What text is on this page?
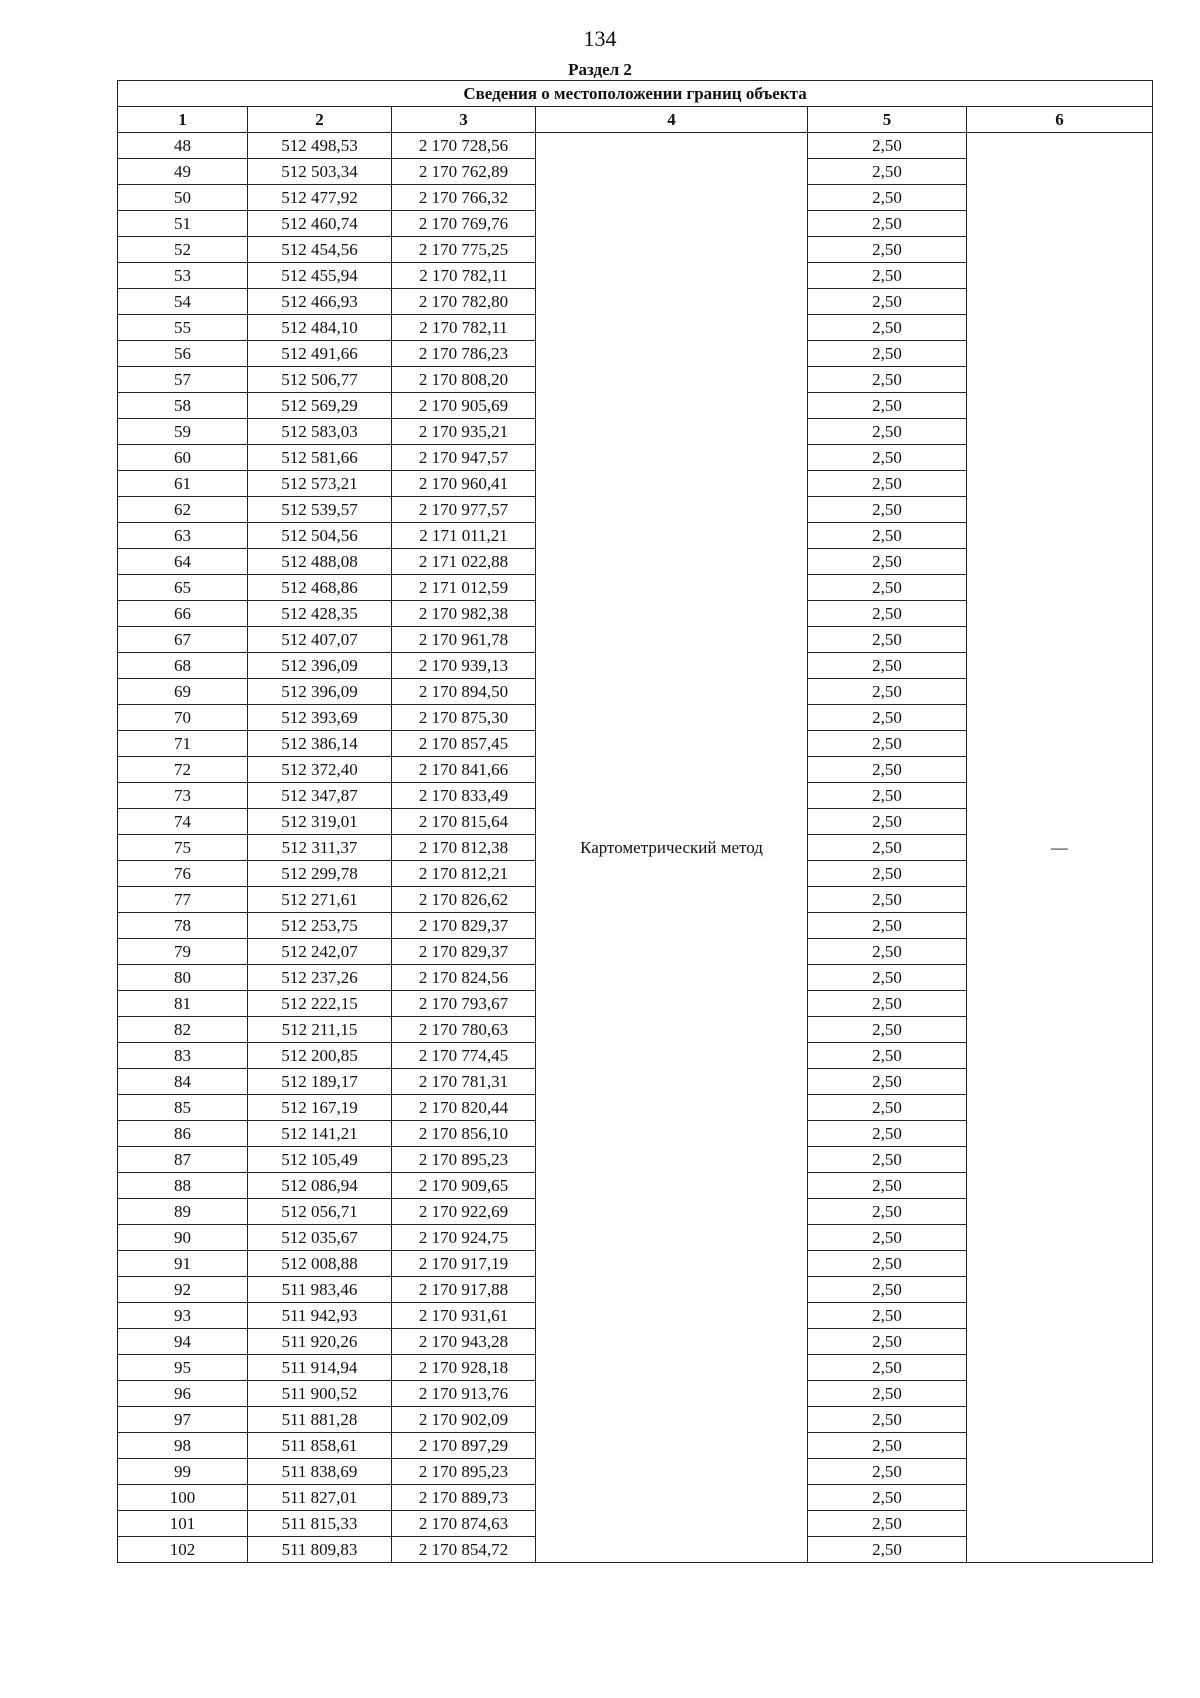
134
Раздел 2
Сведения о местоположении границ объекта					
1	2	3	4	5	6
48	512 498,53	2 170 728,56	Картометрический метод	2,50	—
49	512 503,34	2 170 762,89		2,50	
50	512 477,92	2 170 766,32		2,50	
51	512 460,74	2 170 769,76		2,50	
52	512 454,56	2 170 775,25		2,50	
53	512 455,94	2 170 782,11		2,50	
54	512 466,93	2 170 782,80		2,50	
55	512 484,10	2 170 782,11		2,50	
56	512 491,66	2 170 786,23		2,50	
57	512 506,77	2 170 808,20		2,50	
58	512 569,29	2 170 905,69		2,50	
59	512 583,03	2 170 935,21		2,50	
60	512 581,66	2 170 947,57		2,50	
61	512 573,21	2 170 960,41		2,50	
62	512 539,57	2 170 977,57		2,50	
63	512 504,56	2 171 011,21		2,50	
64	512 488,08	2 171 022,88		2,50	
65	512 468,86	2 171 012,59		2,50	
66	512 428,35	2 170 982,38		2,50	
67	512 407,07	2 170 961,78		2,50	
68	512 396,09	2 170 939,13		2,50	
69	512 396,09	2 170 894,50		2,50	
70	512 393,69	2 170 875,30		2,50	
71	512 386,14	2 170 857,45		2,50	
72	512 372,40	2 170 841,66		2,50	
73	512 347,87	2 170 833,49		2,50	
74	512 319,01	2 170 815,64		2,50	
75	512 311,37	2 170 812,38		2,50	
76	512 299,78	2 170 812,21		2,50	
77	512 271,61	2 170 826,62		2,50	
78	512 253,75	2 170 829,37		2,50	
79	512 242,07	2 170 829,37		2,50	
80	512 237,26	2 170 824,56		2,50	
81	512 222,15	2 170 793,67		2,50	
82	512 211,15	2 170 780,63		2,50	
83	512 200,85	2 170 774,45		2,50	
84	512 189,17	2 170 781,31		2,50	
85	512 167,19	2 170 820,44		2,50	
86	512 141,21	2 170 856,10		2,50	
87	512 105,49	2 170 895,23		2,50	
88	512 086,94	2 170 909,65		2,50	
89	512 056,71	2 170 922,69		2,50	
90	512 035,67	2 170 924,75		2,50	
91	512 008,88	2 170 917,19		2,50	
92	511 983,46	2 170 917,88		2,50	
93	511 942,93	2 170 931,61		2,50	
94	511 920,26	2 170 943,28		2,50	
95	511 914,94	2 170 928,18		2,50	
96	511 900,52	2 170 913,76		2,50	
97	511 881,28	2 170 902,09		2,50	
98	511 858,61	2 170 897,29		2,50	
99	511 838,69	2 170 895,23		2,50	
100	511 827,01	2 170 889,73		2,50	
101	511 815,33	2 170 874,63		2,50	
102	511 809,83	2 170 854,72		2,50	
